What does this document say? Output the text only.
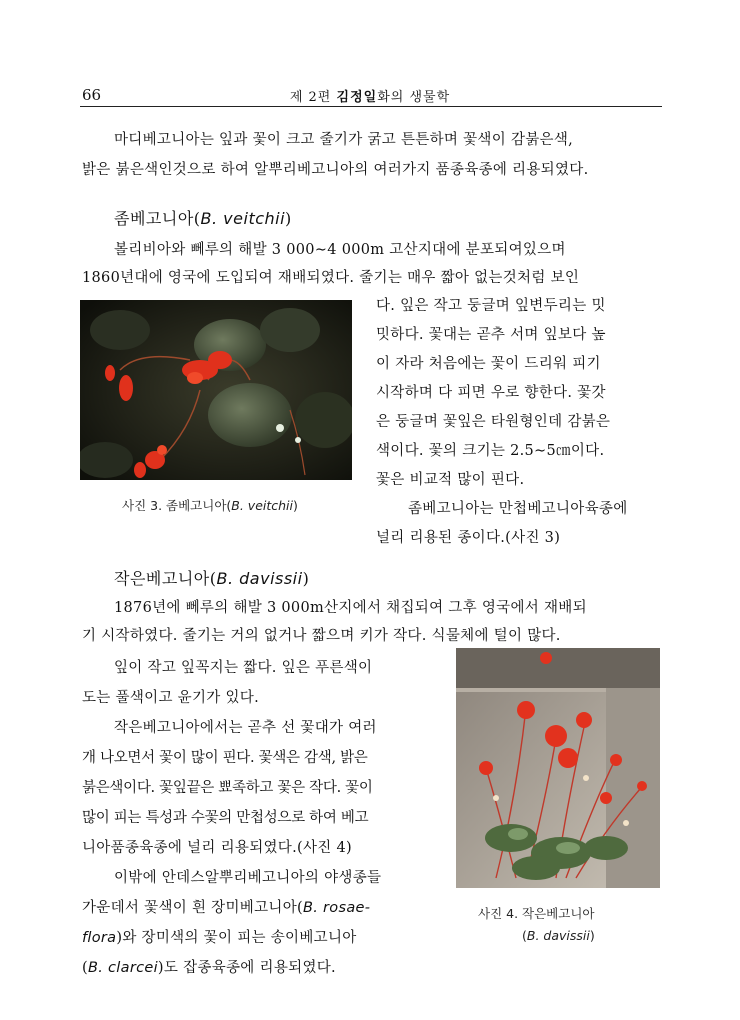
66	제 2편 김정일화의 생물학
마디베고니아는 잎과 꽃이 크고 줄기가 굵고 튼튼하며 꽃색이 감붉은색,
밝은 붉은색인것으로 하여 알뿌리베고니아의 여러가지 품종육종에 리용되였다.
좀베고니아(B. veitchii)
볼리비아와 뻬루의 해발 3 000∼4 000m 고산지대에 분포되여있으며
1860년대에 영국에 도입되여 재배되였다. 줄기는 매우 짧아 없는것처럼 보인
다. 잎은 작고 둥글며 잎변두리는 밋
밋하다. 꽃대는 곧추 서며 잎보다 높
이 자라 처음에는 꽃이 드리워 피기
시작하며 다 피면 우로 향한다. 꽃갓
은 둥글며 꽃잎은 타원형인데 감붉은
색이다. 꽃의 크기는 2.5∼5㎝이다.
꽃은 비교적 많이 핀다.
좀베고니아는 만첩베고니아육종에
널리 리용된 종이다.(사진 3)
사진 3. 좀베고니아(B. veitchii)
작은베고니아(B. davissii)
1876년에 뻬루의 해발 3 000m산지에서 채집되여 그후 영국에서 재배되
기 시작하였다. 줄기는 거의 없거나 짧으며 키가 작다. 식물체에 털이 많다.
잎이 작고 잎꼭지는 짧다. 잎은 푸른색이
도는 풀색이고 윤기가 있다.
작은베고니아에서는 곧추 선 꽃대가 여러
개 나오면서 꽃이 많이 핀다. 꽃색은 감색, 밝은
붉은색이다. 꽃잎끝은 뾰족하고 꽃은 작다. 꽃이
많이 피는 특성과 수꽃의 만첩성으로 하여 베고
니아품종육종에 널리 리용되였다.(사진 4)
이밖에 안데스알뿌리베고니아의 야생종들
가운데서 꽃색이 흰 장미베고니아(B. rosae-
flora)와 장미색의 꽃이 피는 송이베고니아
(B. clarcei)도 잡종육종에 리용되였다.
사진 4. 작은베고니아
(B. davissii)
